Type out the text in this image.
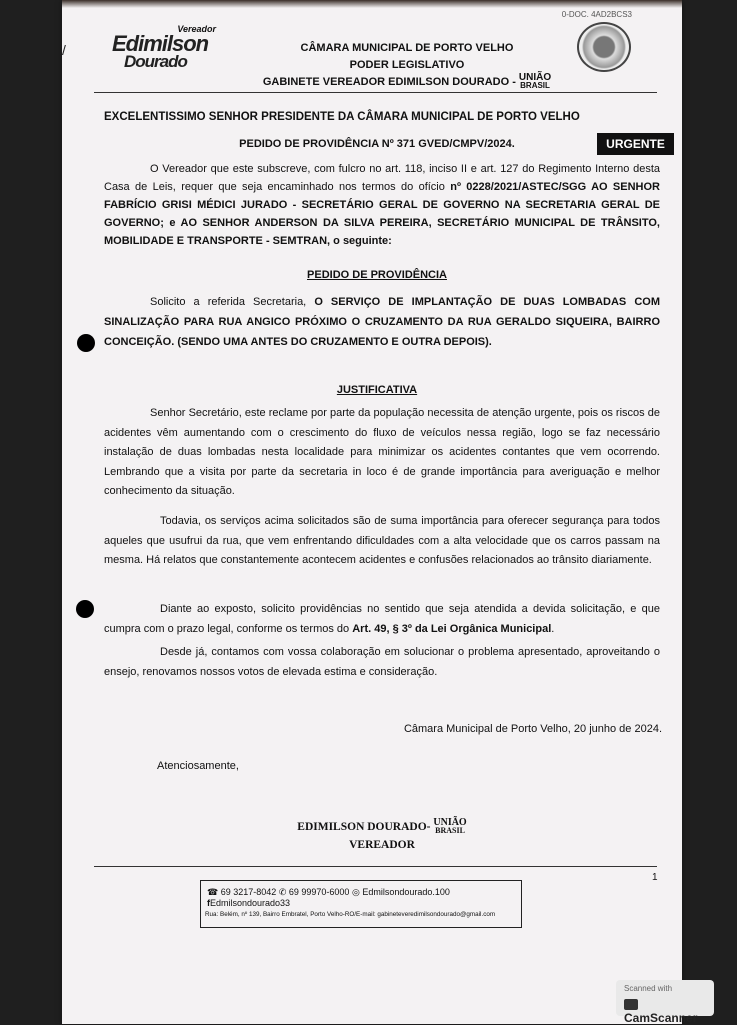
0-DOC. 4AD2BCS3
/
Vereador
Edimilson
Dourado
CÂMARA MUNICIPAL DE PORTO VELHO
PODER LEGISLATIVO
GABINETE VEREADOR EDIMILSON DOURADO - UNIÃO
BRASIL
EXCELENTISSIMO SENHOR PRESIDENTE DA CÂMARA MUNICIPAL DE PORTO VELHO
PEDIDO DE PROVIDÊNCIA Nº 371 GVED/CMPV/2024.	URGENTE
O Vereador que este subscreve, com fulcro no art. 118, inciso II e art. 127 do Regimento Interno desta Casa de Leis, requer que seja encaminhado nos termos do ofício nº 0228/2021/ASTEC/SGG AO SENHOR FABRÍCIO GRISI MÉDICI JURADO - SECRETÁRIO GERAL DE GOVERNO NA SECRETARIA GERAL DE GOVERNO; e AO SENHOR ANDERSON DA SILVA PEREIRA, SECRETÁRIO MUNICIPAL DE TRÂNSITO, MOBILIDADE E TRANSPORTE - SEMTRAN, o seguinte:
PEDIDO DE PROVIDÊNCIA
Solicito a referida Secretaria, O SERVIÇO DE IMPLANTAÇÃO DE DUAS LOMBADAS COM SINALIZAÇÃO PARA RUA ANGICO PRÓXIMO O CRUZAMENTO DA RUA GERALDO SIQUEIRA, BAIRRO CONCEIÇÃO. (SENDO UMA ANTES DO CRUZAMENTO E OUTRA DEPOIS).
JUSTIFICATIVA
Senhor Secretário, este reclame por parte da população necessita de atenção urgente, pois os riscos de acidentes vêm aumentando com o crescimento do fluxo de veículos nessa região, logo se faz necessário instalação de duas lombadas nesta localidade para minimizar os acidentes contantes que vem ocorrendo. Lembrando que a visita por parte da secretaria in loco é de grande importância para averiguação e melhor conhecimento da situação.
Todavia, os serviços acima solicitados são de suma importância para oferecer segurança para todos aqueles que usufrui da rua, que vem enfrentando dificuldades com a alta velocidade que os carros passam na mesma. Há relatos que constantemente acontecem acidentes e confusões relacionados ao trânsito diariamente.
Diante ao exposto, solicito providências no sentido que seja atendida a devida solicitação, e que cumpra com o prazo legal, conforme os termos do Art. 49, § 3º da Lei Orgânica Municipal.
Desde já, contamos com vossa colaboração em solucionar o problema apresentado, aproveitando o ensejo, renovamos nossos votos de elevada estima e consideração.
Câmara Municipal de Porto Velho, 20 junho de 2024.
Atenciosamente,
EDIMILSON DOURADO- UNIÃO
BRASIL
VEREADOR
1
☎ 69 3217-8042 ✆ 69 99970-6000 ◎ Edmilsondourado.100 fEdmilsondourado33
Rua: Belém, nº 139, Bairro Embratel, Porto Velho-RO/E-mail: gabineteveredimilsondourado@gmail.com
Scanned with
CamScanner
